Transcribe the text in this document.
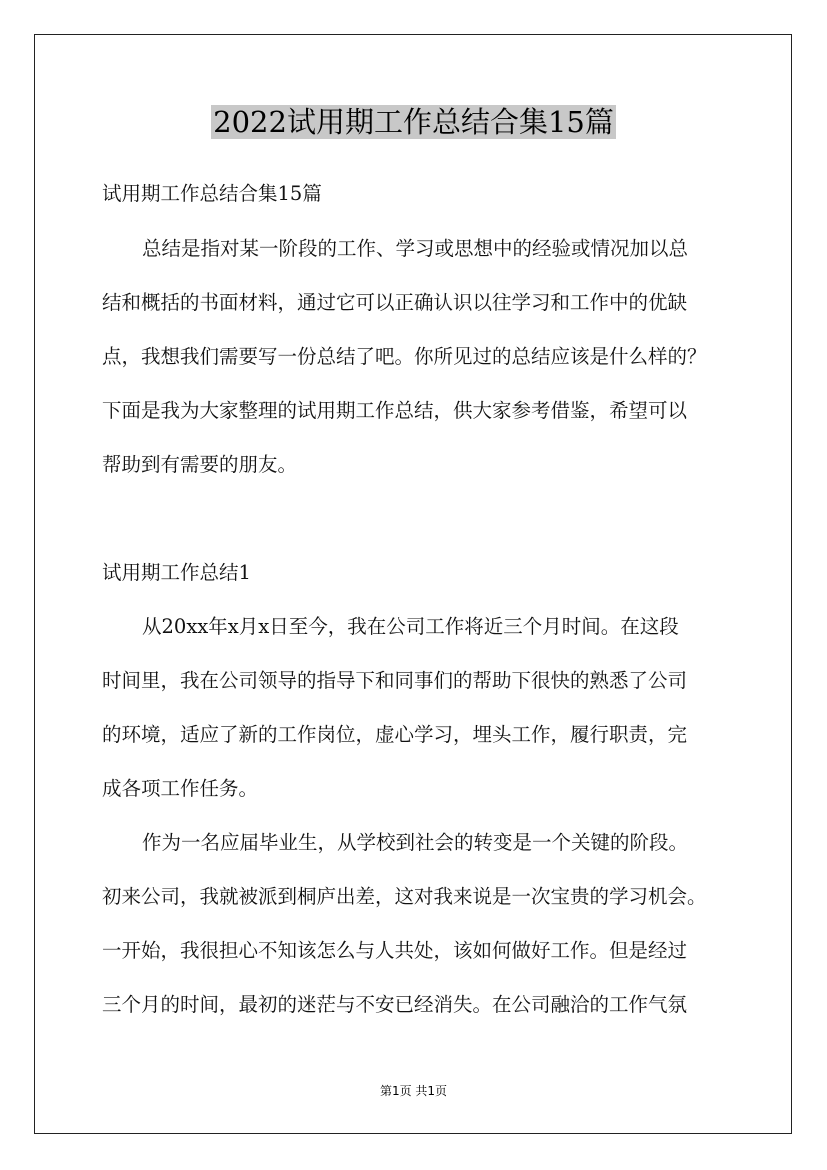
2022试用期工作总结合集15篇
试用期工作总结合集15篇
总结是指对某一阶段的工作、学习或思想中的经验或情况加以总
结和概括的书面材料，通过它可以正确认识以往学习和工作中的优缺
点，我想我们需要写一份总结了吧。你所见过的总结应该是什么样的？
下面是我为大家整理的试用期工作总结，供大家参考借鉴，希望可以
帮助到有需要的朋友。
试用期工作总结1
从20xx年x月x日至今，我在公司工作将近三个月时间。在这段
时间里，我在公司领导的指导下和同事们的帮助下很快的熟悉了公司
的环境，适应了新的工作岗位，虚心学习，埋头工作，履行职责，完
成各项工作任务。
作为一名应届毕业生，从学校到社会的转变是一个关键的阶段。
初来公司，我就被派到桐庐出差，这对我来说是一次宝贵的学习机会。
一开始，我很担心不知该怎么与人共处，该如何做好工作。但是经过
三个月的时间，最初的迷茫与不安已经消失。在公司融洽的工作气氛
第1页 共1页
